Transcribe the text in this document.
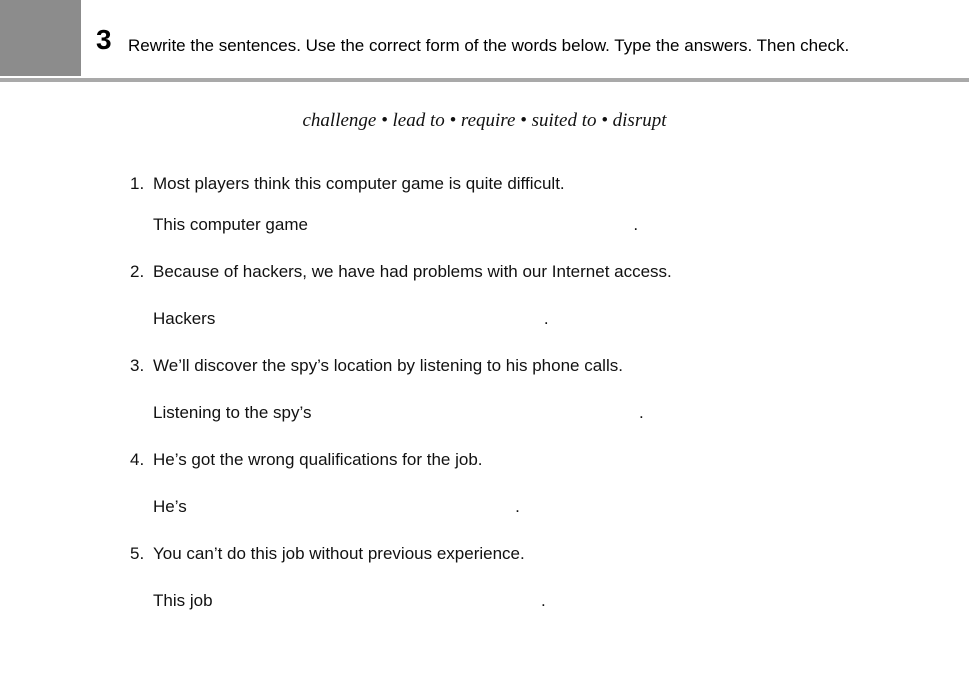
3 Rewrite the sentences. Use the correct form of the words below. Type the answers. Then check.
challenge • lead to • require • suited to • disrupt
1. Most players think this computer game is quite difficult.
This computer game	.
2. Because of hackers, we have had problems with our Internet access.
Hackers	.
3. We’ll discover the spy’s location by listening to his phone calls.
Listening to the spy’s	.
4. He’s got the wrong qualifications for the job.
He’s	.
5. You can’t do this job without previous experience.
This job	.
